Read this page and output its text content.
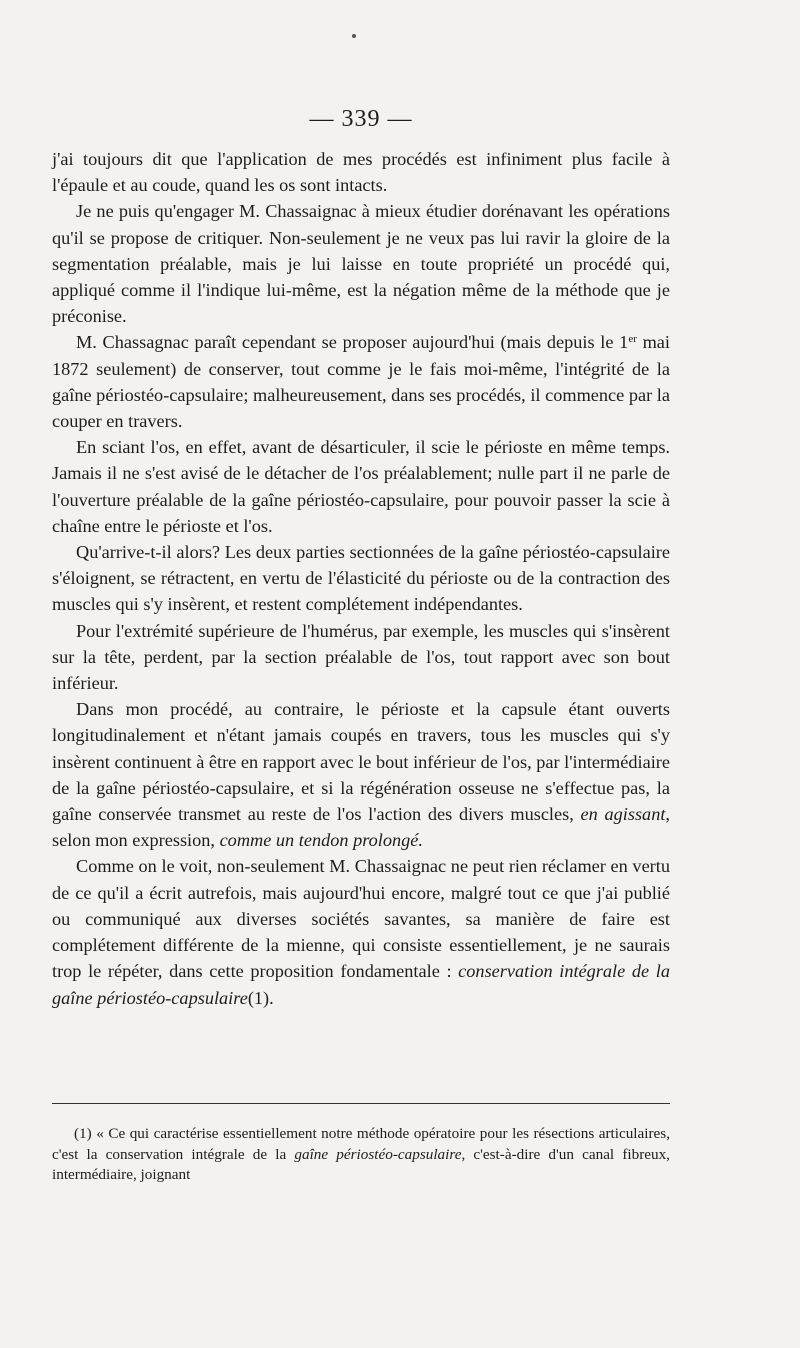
— 339 —

j'ai toujours dit que l'application de mes procédés est infiniment plus facile à l'épaule et au coude, quand les os sont intacts.

Je ne puis qu'engager M. Chassaignac à mieux étudier dorénavant les opérations qu'il se propose de critiquer. Non-seulement je ne veux pas lui ravir la gloire de la segmentation préalable, mais je lui laisse en toute propriété un procédé qui, appliqué comme il l'indique lui-même, est la négation même de la méthode que je préconise.

M. Chassagnac paraît cependant se proposer aujourd'hui (mais depuis le 1er mai 1872 seulement) de conserver, tout comme je le fais moi-même, l'intégrité de la gaîne périostéo-capsulaire; malheureusement, dans ses procédés, il commence par la couper en travers.

En sciant l'os, en effet, avant de désarticuler, il scie le périoste en même temps. Jamais il ne s'est avisé de le détacher de l'os préalablement; nulle part il ne parle de l'ouverture préalable de la gaîne périostéo-capsulaire, pour pouvoir passer la scie à chaîne entre le périoste et l'os.

Qu'arrive-t-il alors? Les deux parties sectionnées de la gaîne périostéo-capsulaire s'éloignent, se rétractent, en vertu de l'élasticité du périoste ou de la contraction des muscles qui s'y insèrent, et restent complétement indépendantes.

Pour l'extrémité supérieure de l'humérus, par exemple, les muscles qui s'insèrent sur la tête, perdent, par la section préalable de l'os, tout rapport avec son bout inférieur.

Dans mon procédé, au contraire, le périoste et la capsule étant ouverts longitudinalement et n'étant jamais coupés en travers, tous les muscles qui s'y insèrent continuent à être en rapport avec le bout inférieur de l'os, par l'intermédiaire de la gaîne périostéo-capsulaire, et si la régénération osseuse ne s'effectue pas, la gaîne conservée transmet au reste de l'os l'action des divers muscles, en agissant, selon mon expression, comme un tendon prolongé.

Comme on le voit, non-seulement M. Chassaignac ne peut rien réclamer en vertu de ce qu'il a écrit autrefois, mais aujourd'hui encore, malgré tout ce que j'ai publié ou communiqué aux diverses sociétés savantes, sa manière de faire est complétement différente de la mienne, qui consiste essentiellement, je ne saurais trop le répéter, dans cette proposition fondamentale : conservation intégrale de la gaîne périostéo-capsulaire(1).

(1) « Ce qui caractérise essentiellement notre méthode opératoire pour les résections articulaires, c'est la conservation intégrale de la gaîne périostéo-capsulaire, c'est-à-dire d'un canal fibreux, intermédiaire, joignant
